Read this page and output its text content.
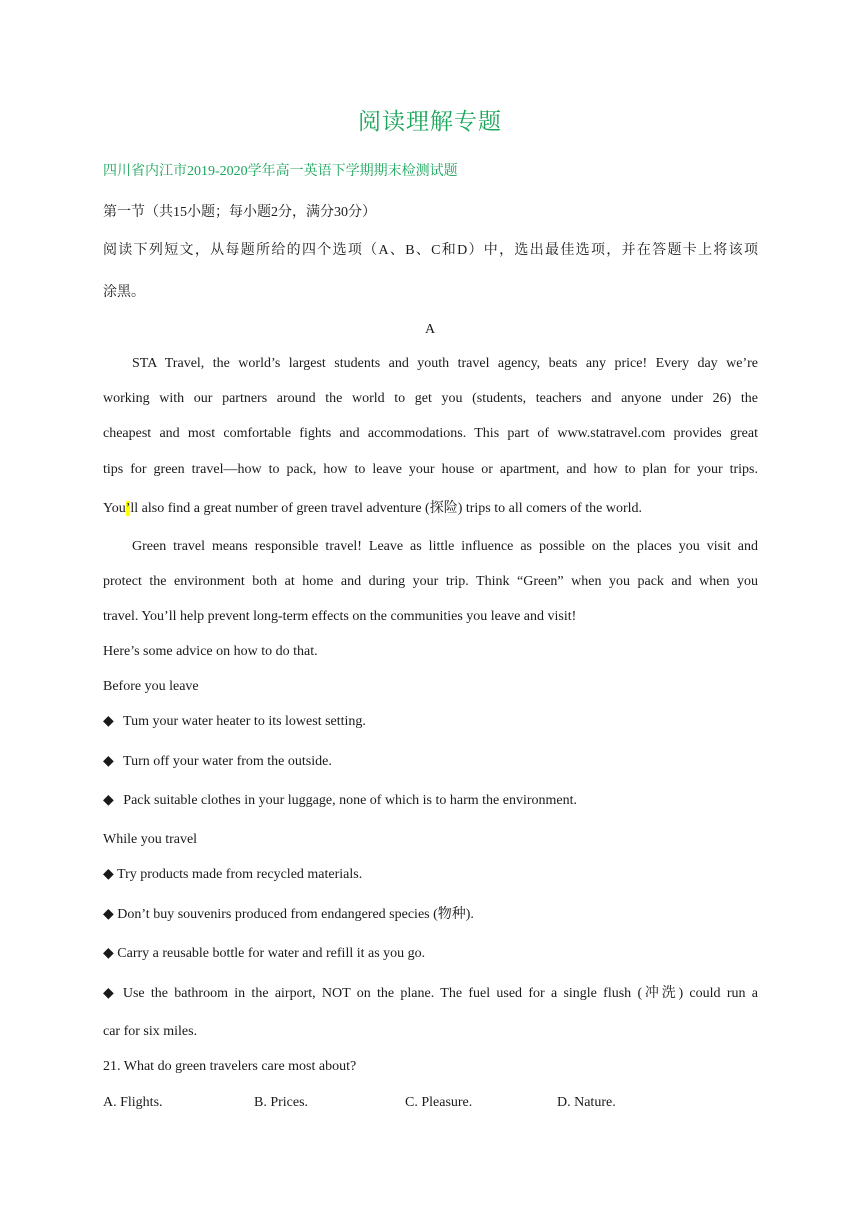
阅读理解专题
四川省内江市2019-2020学年高一英语下学期期末检测试题
第一节（共15小题；每小题2分，满分30分）
阅读下列短文，从每题所给的四个选项（A、B、C和D）中，选出最佳选项，并在答题卡上将该项
涂黑。
A
STA Travel, the world’s largest students and youth travel agency, beats any price! Every day we’re
working with our partners around the world to get you (students, teachers and anyone under 26) the
cheapest and most comfortable fights and accommodations. This part of www.statravel.com provides great
tips for green travel—how to pack, how to leave your house or apartment, and how to plan for your trips.
You’ll also find a great number of green travel adventure (探险) trips to all comers of the world.
Green travel means responsible travel! Leave as little influence as possible on the places you visit and
protect the environment both at home and during your trip. Think “Green” when you pack and when you
travel. You’ll help prevent long-term effects on the communities you leave and visit!
Here’s some advice on how to do that.
Before you leave
◆ Tum your water heater to its lowest setting.
◆ Turn off your water from the outside.
◆ Pack suitable clothes in your luggage, none of which is to harm the environment.
While you travel
◆ Try products made from recycled materials.
◆ Don’t buy souvenirs produced from endangered species (物种).
◆ Carry a reusable bottle for water and refill it as you go.
◆ Use the bathroom in the airport, NOT on the plane. The fuel used for a single flush (冲洗) could run a
car for six miles.
21. What do green travelers care most about?
A. Flights.	B. Prices.	C. Pleasure.	D. Nature.
